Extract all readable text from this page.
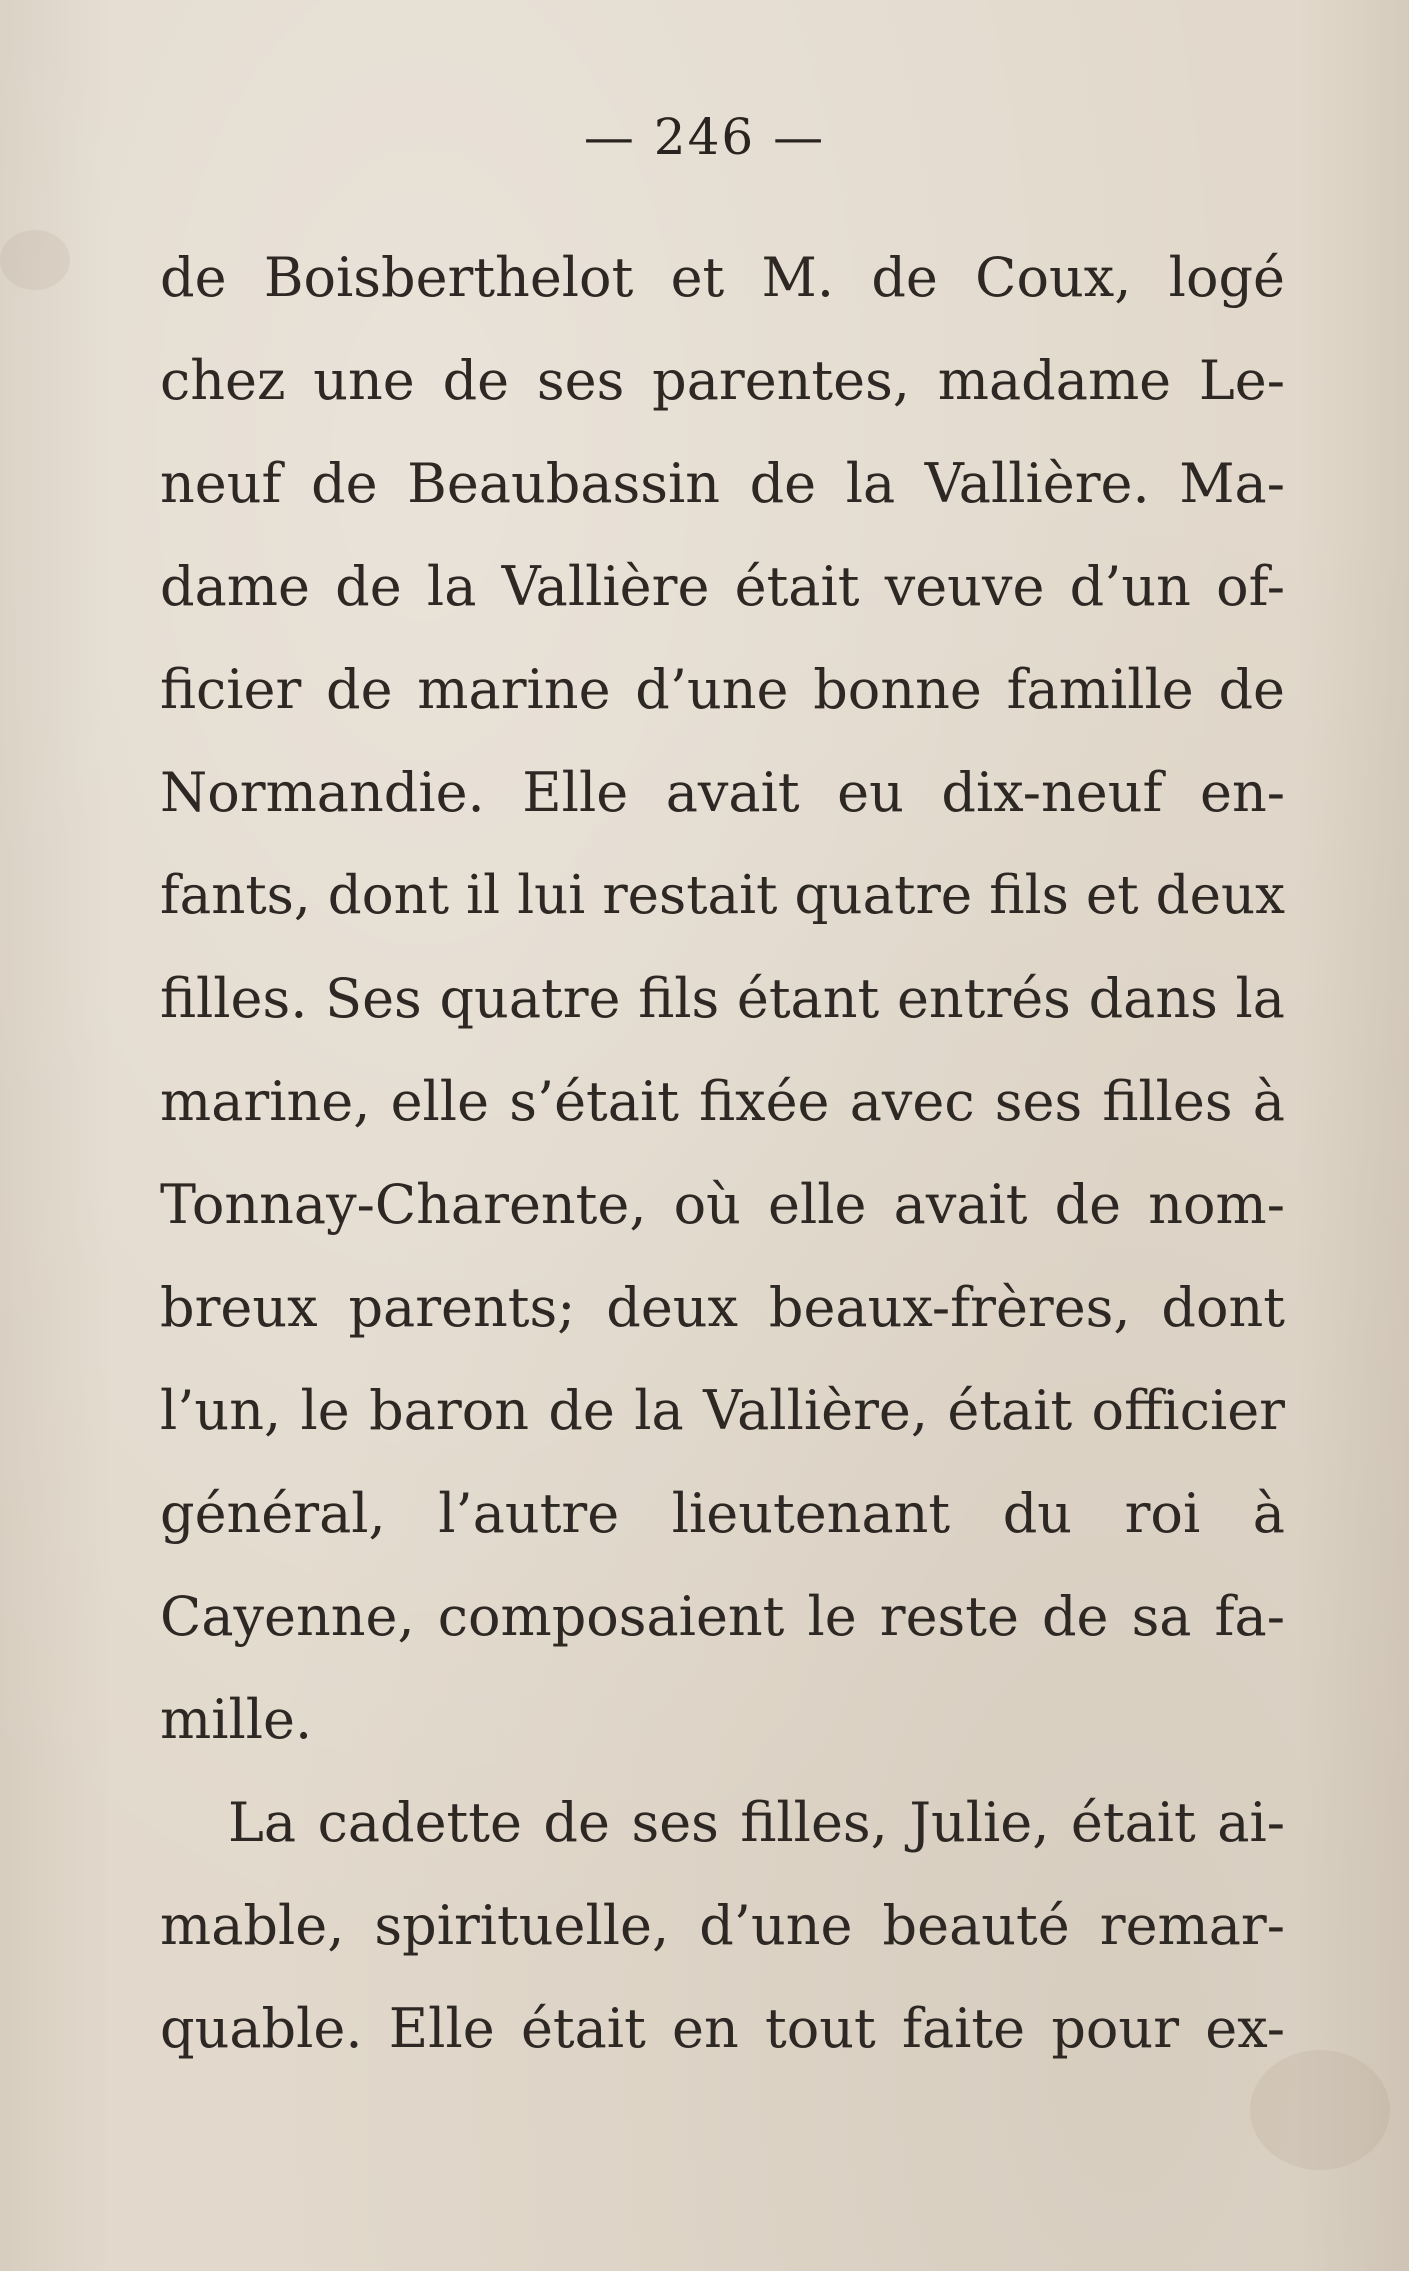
— 246 —
de Boisberthelot et M. de Coux, logé
chez une de ses parentes, madame Le-
neuf de Beaubassin de la Vallière. Ma-
dame de la Vallière était veuve d’un of-
ficier de marine d’une bonne famille de
Normandie. Elle avait eu dix-neuf en-
fants, dont il lui restait quatre fils et deux
filles. Ses quatre fils étant entrés dans la
marine, elle s’était fixée avec ses filles à
Tonnay-Charente, où elle avait de nom-
breux parents; deux beaux-frères, dont
l’un, le baron de la Vallière, était officier
général, l’autre lieutenant du roi à
Cayenne, composaient le reste de sa fa-
mille.
La cadette de ses filles, Julie, était ai-
mable, spirituelle, d’une beauté remar-
quable. Elle était en tout faite pour ex-
